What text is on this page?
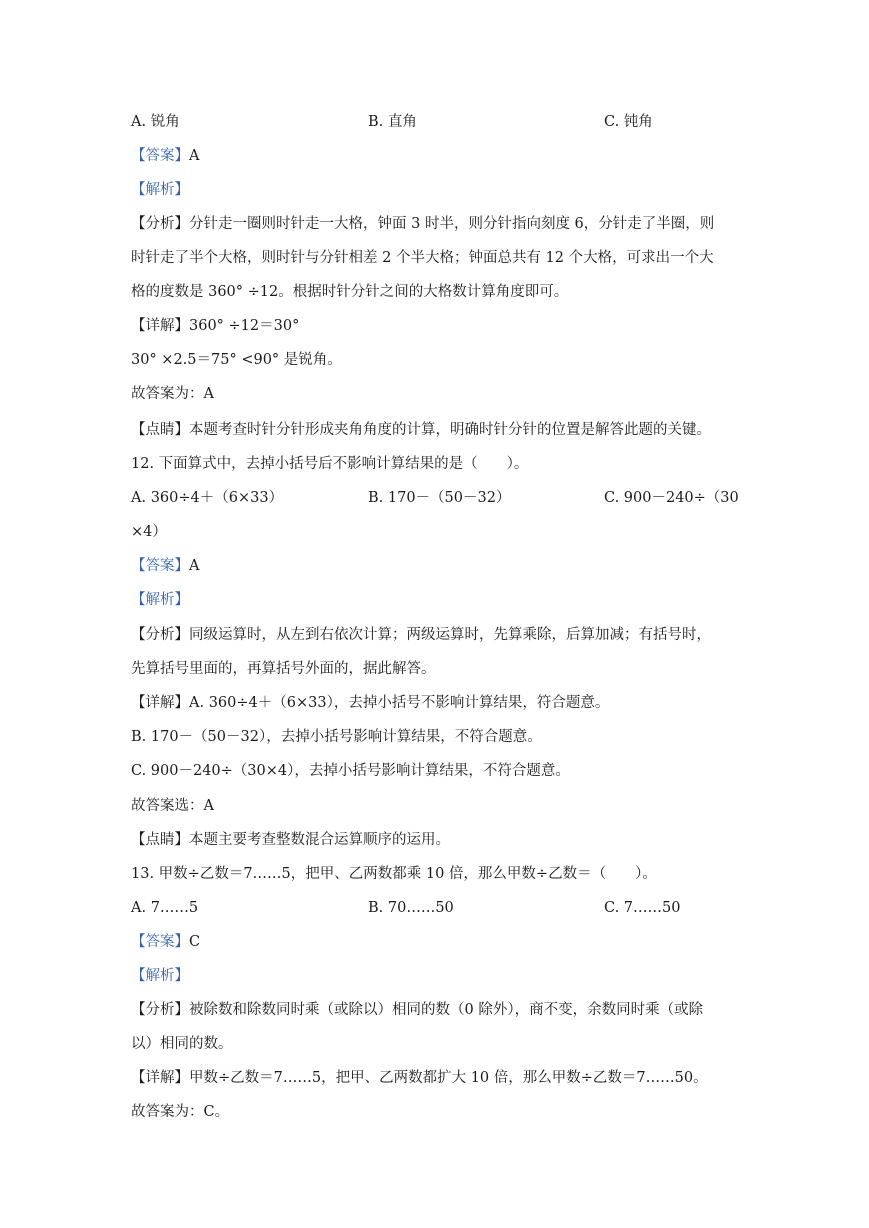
A. 锐角	B. 直角	C. 钝角
【答案】A
【解析】
【分析】分针走一圈则时针走一大格，钟面 3 时半，则分针指向刻度 6，分针走了半圈，则
时针走了半个大格，则时针与分针相差 2 个半大格；钟面总共有 12 个大格，可求出一个大
格的度数是 360° ÷12。根据时针分针之间的大格数计算角度即可。
【详解】360° ÷12＝30°
30° ×2.5＝75° <90° 是锐角。
故答案为：A
【点睛】本题考查时针分针形成夹角角度的计算，明确时针分针的位置是解答此题的关键。
12. 下面算式中，去掉小括号后不影响计算结果的是（　　）。
A. 360÷4＋（6×33）	B. 170－（50－32）	C. 900－240÷（30
×4）
【答案】A
【解析】
【分析】同级运算时，从左到右依次计算；两级运算时，先算乘除，后算加减；有括号时，
先算括号里面的，再算括号外面的，据此解答。
【详解】A. 360÷4＋（6×33），去掉小括号不影响计算结果，符合题意。
B. 170－（50－32），去掉小括号影响计算结果，不符合题意。
C. 900－240÷（30×4），去掉小括号影响计算结果，不符合题意。
故答案选：A
【点睛】本题主要考查整数混合运算顺序的运用。
13. 甲数÷乙数＝7……5，把甲、乙两数都乘 10 倍，那么甲数÷乙数＝（　　）。
A. 7……5	B. 70……50	C. 7……50
【答案】C
【解析】
【分析】被除数和除数同时乘（或除以）相同的数（0 除外），商不变，余数同时乘（或除
以）相同的数。
【详解】甲数÷乙数＝7……5，把甲、乙两数都扩大 10 倍，那么甲数÷乙数＝7……50。
故答案为：C。
